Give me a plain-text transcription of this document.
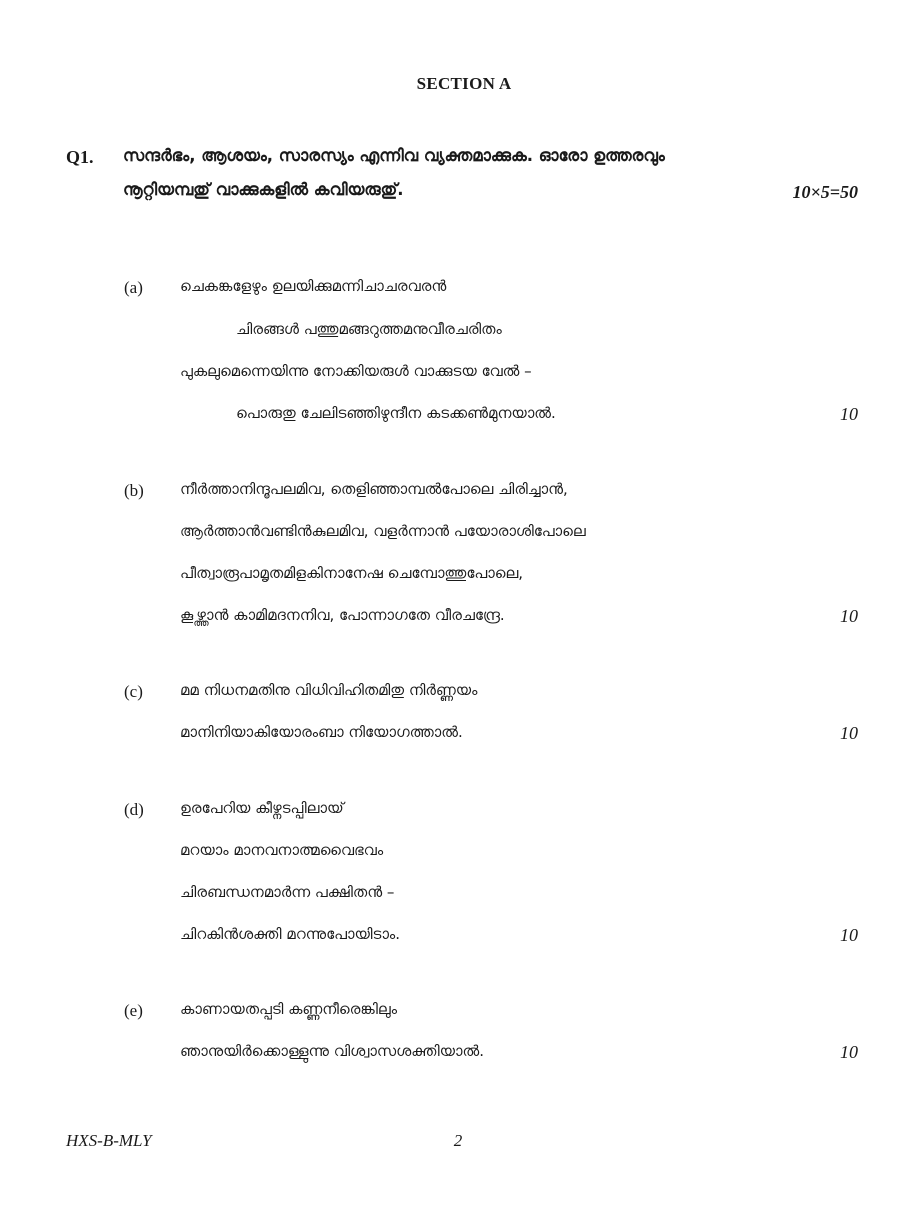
SECTION A
Q1. സന്ദർഭം, ആശയം, സാരസ്യം എന്നിവ വ്യക്തമാക്കുക. ഓരോ ഉത്തരവും
നൂറ്റിയമ്പതു് വാക്കുകളിൽ കവിയരുതു്.	10×5=50
(a) ചെകങ്കളേഴും ഉലയിക്കുമന്നിചാചരവരൻ
ചിരങ്ങൾ പത്തുമങ്ങറുത്തമനുവീരചരിതം
പുകലുമെന്നെയിന്നു നോക്കിയരുൾ വാക്കുടയ വേൽ –
പൊരുതു ചേലിടഞ്ഞിഴുന്ദീന കടക്കൺമുനയാൽ.	10
(b) നീർത്താനിന്ദൂപലമിവ, തെളിഞ്ഞാമ്പൽപോലെ ചിരിച്ചാൻ,
ആർത്താൻവണ്ടിൻകുലമിവ, വളർന്നാൻ പയോരാശിപോലെ
പീത്വാരൂപാമൃതമിളകിനാനേഷ ചെമ്പോത്തുപോലെ,
കൂഴ്ത്താൻ കാമിമദനനിവ, പോന്നാഗതേ വീരചന്ദ്രേ.	10
(c) മമ നിധനമതിനു വിധിവിഹിതമിതു നിർണ്ണയം
മാനിനിയാകിയോരംബാ നിയോഗത്താൽ.	10
(d) ഉരപേറിയ കീഴ്നടപ്പിലായ്
മറയാം മാനവനാത്മവൈഭവം
ചിരബന്ധനമാർന്ന പക്ഷിതൻ –
ചിറകിൻശക്തി മറന്നുപോയിടാം.	10
(e) കാണായതപ്പടി കണ്ണനീരെങ്കിലും
ഞാനുയിർക്കൊള്ളുന്നു വിശ്വാസശക്തിയാൽ.	10
HXS-B-MLY	2
